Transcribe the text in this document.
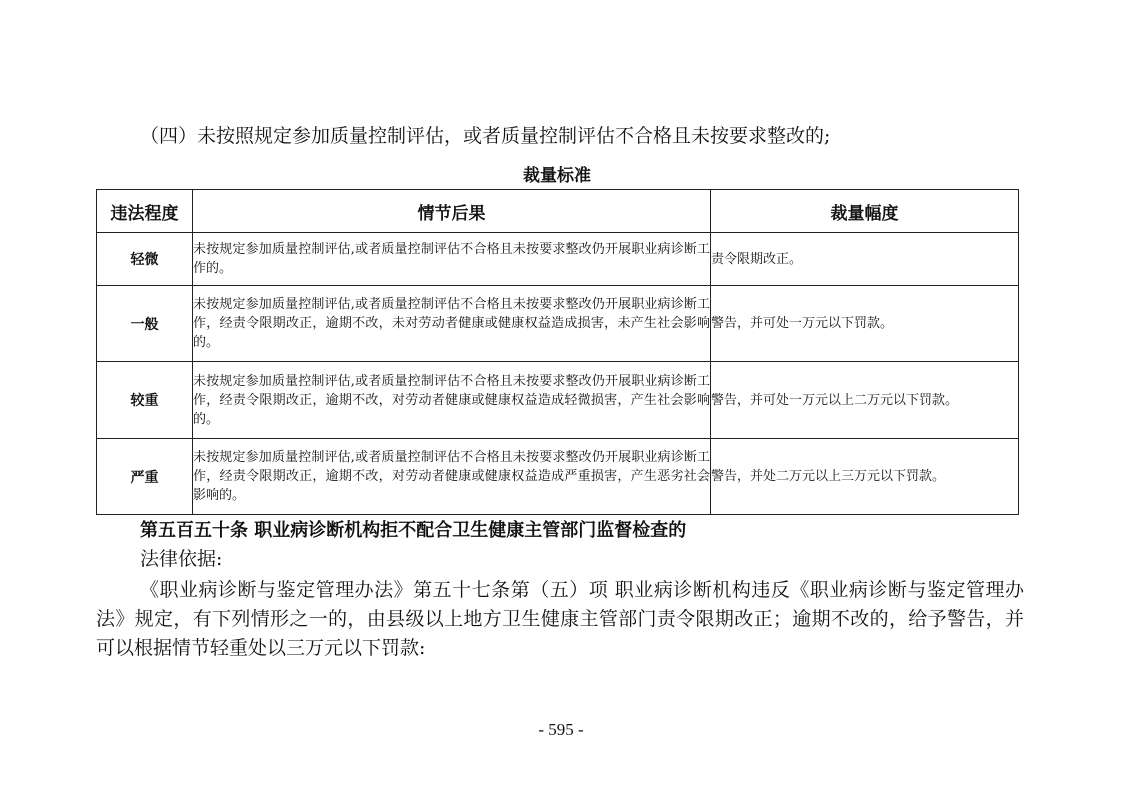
（四）未按照规定参加质量控制评估，或者质量控制评估不合格且未按要求整改的;
裁量标准
违法程度	情节后果	裁量幅度
轻微	未按规定参加质量控制评估,或者质量控制评估不合格且未按要求整改仍开展职业病诊断工作的。	责令限期改正。
一般	未按规定参加质量控制评估,或者质量控制评估不合格且未按要求整改仍开展职业病诊断工作，经责令限期改正，逾期不改，未对劳动者健康或健康权益造成损害，未产生社会影响的。	警告，并可处一万元以下罚款。
较重	未按规定参加质量控制评估,或者质量控制评估不合格且未按要求整改仍开展职业病诊断工作，经责令限期改正，逾期不改，对劳动者健康或健康权益造成轻微损害，产生社会影响的。	警告，并可处一万元以上二万元以下罚款。
严重	未按规定参加质量控制评估,或者质量控制评估不合格且未按要求整改仍开展职业病诊断工作，经责令限期改正，逾期不改，对劳动者健康或健康权益造成严重损害，产生恶劣社会影响的。	警告，并处二万元以上三万元以下罚款。
第五百五十条 职业病诊断机构拒不配合卫生健康主管部门监督检查的
法律依据:
《职业病诊断与鉴定管理办法》第五十七条第（五）项 职业病诊断机构违反《职业病诊断与鉴定管理办法》规定，有下列情形之一的，由县级以上地方卫生健康主管部门责令限期改正；逾期不改的，给予警告，并可以根据情节轻重处以三万元以下罚款:
- 595 -
